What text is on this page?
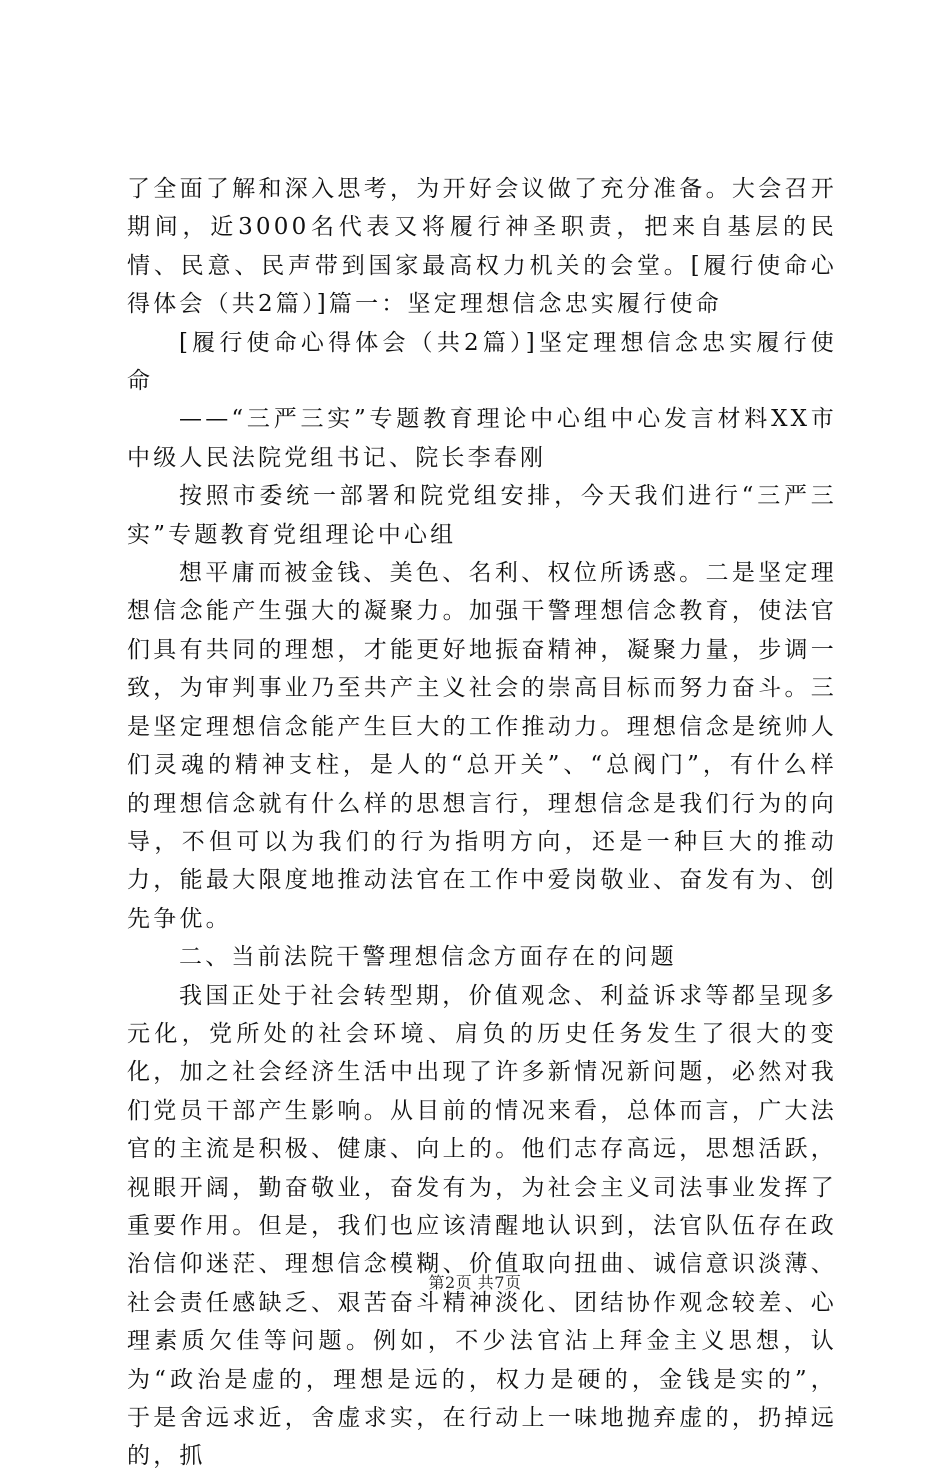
了全面了解和深入思考，为开好会议做了充分准备。大会召开期间，近3000名代表又将履行神圣职责，把来自基层的民情、民意、民声带到国家最高权力机关的会堂。[履行使命心得体会（共2篇）]篇一：坚定理想信念忠实履行使命

[履行使命心得体会（共2篇）]坚定理想信念忠实履行使命

——“三严三实”专题教育理论中心组中心发言材料XX市中级人民法院党组书记、院长李春刚

按照市委统一部署和院党组安排，今天我们进行“三严三实”专题教育党组理论中心组

想平庸而被金钱、美色、名利、权位所诱惑。二是坚定理想信念能产生强大的凝聚力。加强干警理想信念教育，使法官们具有共同的理想，才能更好地振奋精神，凝聚力量，步调一致，为审判事业乃至共产主义社会的崇高目标而努力奋斗。三是坚定理想信念能产生巨大的工作推动力。理想信念是统帅人们灵魂的精神支柱，是人的“总开关”、“总阀门”，有什么样的理想信念就有什么样的思想言行，理想信念是我们行为的向导，不但可以为我们的行为指明方向，还是一种巨大的推动力，能最大限度地推动法官在工作中爱岗敬业、奋发有为、创先争优。

二、当前法院干警理想信念方面存在的问题

我国正处于社会转型期，价值观念、利益诉求等都呈现多元化，党所处的社会环境、肩负的历史任务发生了很大的变化，加之社会经济生活中出现了许多新情况新问题，必然对我们党员干部产生影响。从目前的情况来看，总体而言，广大法官的主流是积极、健康、向上的。他们志存高远，思想活跃，视眼开阔，勤奋敬业，奋发有为，为社会主义司法事业发挥了重要作用。但是，我们也应该清醒地认识到，法官队伍存在政治信仰迷茫、理想信念模糊、价值取向扭曲、诚信意识淡薄、社会责任感缺乏、艰苦奋斗精神淡化、团结协作观念较差、心理素质欠佳等问题。例如，不少法官沾上拜金主义思想，认为“政治是虚的，理想是远的，权力是硬的，金钱是实的”，于是舍远求近，舍虚求实，在行动上一味地抛弃虚的，扔掉远的，抓

第2页 共7页
